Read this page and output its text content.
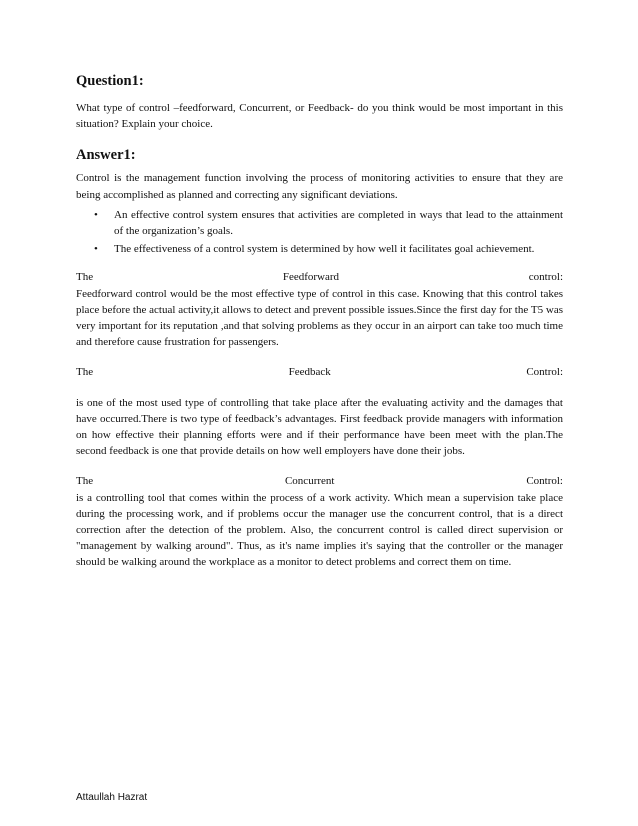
Question1:

What type of control –feedforward, Concurrent, or Feedback- do you think would be most important in this situation? Explain your choice.

Answer1:

Control is the management function involving the process of monitoring activities to ensure that they are being accomplished as planned and correcting any significant deviations.

• An effective control system ensures that activities are completed in ways that lead to the attainment of the organization’s goals.
• The effectiveness of a control system is determined by how well it facilitates goal achievement.
The	Feedforward	control:

Feedforward control would be the most effective type of control in this case. Knowing that this control takes place before the actual activity,it allows to detect and prevent possible issues.Since the first day for the T5 was very important for its reputation ,and that solving problems as they occur in an airport can take too much time and therefore cause frustration for passengers.

The	Feedback	Control:

is one of the most used type of controlling that take place after the evaluating activity and the damages that have occurred.There is two type of feedback’s advantages. First feedback provide managers with information on how effective their planning efforts were and if their performance have been meet with the plan.The second feedback is one that provide details on how well employers have done their jobs.

The	Concurrent	Control:

is a controlling tool that comes within the process of a work activity. Which mean a supervision take place during the processing work, and if problems occur the manager use the concurrent control, that is a direct correction after the detection of the problem. Also, the concurrent control is called direct supervision or "management by walking around". Thus, as it's name implies it's saying that the controller or the manager should be walking around the workplace as a monitor to detect problems and correct them on time.

Attaullah Hazrat
